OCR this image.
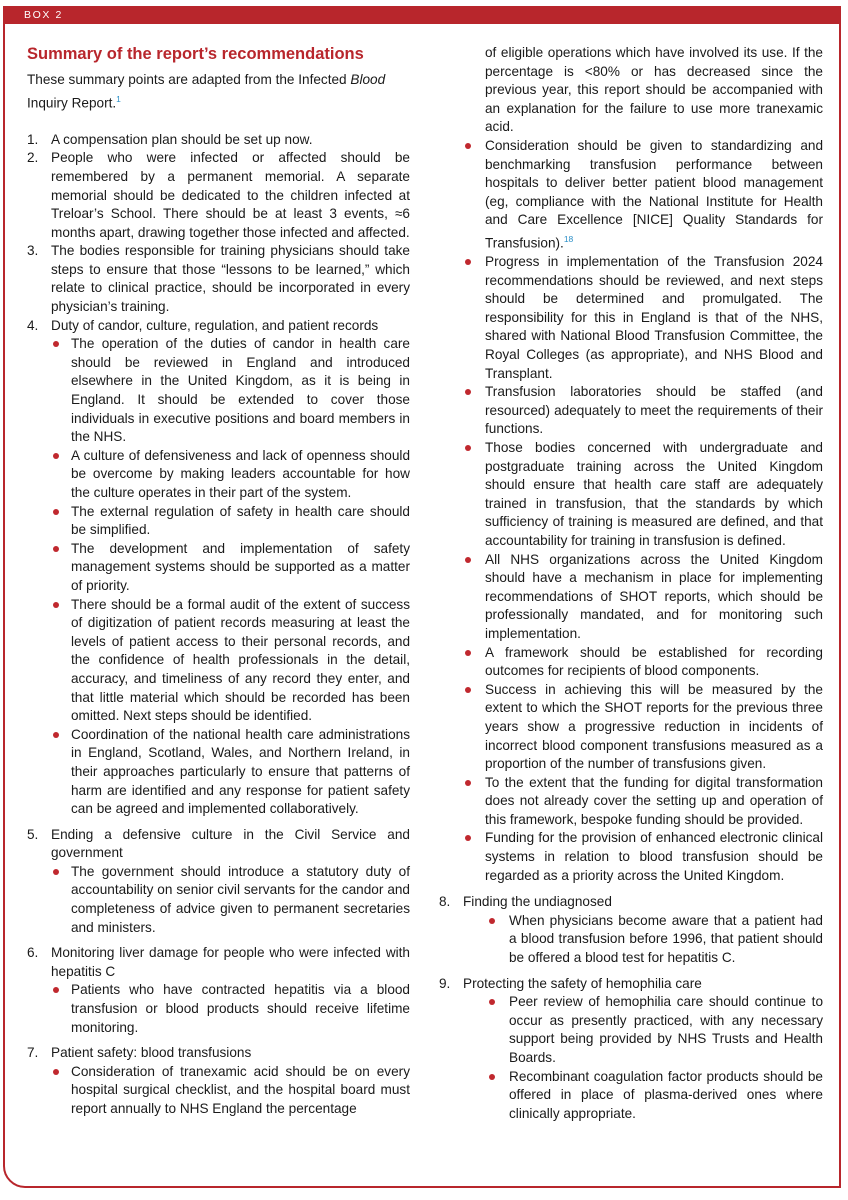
BOX 2
Summary of the report’s recommendations

These summary points are adapted from the Infected Blood Inquiry Report.$^1$

1. A compensation plan should be set up now.
2. People who were infected or affected should be remembered by a permanent memorial. A separate memorial should be dedicated to the children infected at Treloar’s School. There should be at least 3 events, ≈6 months apart, drawing together those infected and affected.
3. The bodies responsible for training physicians should take steps to ensure that those “lessons to be learned,” which relate to clinical practice, should be incorporated in every physician’s training.
4. Duty of candor, culture, regulation, and patient records
The operation of the duties of candor in health care should be reviewed in England and introduced elsewhere in the United Kingdom, as it is being in England. It should be extended to cover those individuals in executive positions and board members in the NHS.
A culture of defensiveness and lack of openness should be overcome by making leaders accountable for how the culture operates in their part of the system.
The external regulation of safety in health care should be simplified.
The development and implementation of safety management systems should be supported as a matter of priority.
There should be a formal audit of the extent of success of digitization of patient records measuring at least the levels of patient access to their personal records, and the confidence of health professionals in the detail, accuracy, and timeliness of any record they enter, and that little material which should be recorded has been omitted. Next steps should be identified.
Coordination of the national health care administrations in England, Scotland, Wales, and Northern Ireland, in their approaches particularly to ensure that patterns of harm are identified and any response for patient safety can be agreed and implemented collaboratively.
5. Ending a defensive culture in the Civil Service and government
The government should introduce a statutory duty of accountability on senior civil servants for the candor and completeness of advice given to permanent secretaries and ministers.
6. Monitoring liver damage for people who were infected with hepatitis C
Patients who have contracted hepatitis via a blood transfusion or blood products should receive lifetime monitoring.
7. Patient safety: blood transfusions
Consideration of tranexamic acid should be on every hospital surgical checklist, and the hospital board must report annually to NHS England the percentage

of eligible operations which have involved its use. If the percentage is <80% or has decreased since the previous year, this report should be accompanied with an explanation for the failure to use more tranexamic acid.

Consideration should be given to standardizing and benchmarking transfusion performance between hospitals to deliver better patient blood management (eg, compliance with the National Institute for Health and Care Excellence [NICE] Quality Standards for Transfusion).$^{18}$
Progress in implementation of the Transfusion 2024 recommendations should be reviewed, and next steps should be determined and promulgated. The responsibility for this in England is that of the NHS, shared with National Blood Transfusion Committee, the Royal Colleges (as appropriate), and NHS Blood and Transplant.
Transfusion laboratories should be staffed (and resourced) adequately to meet the requirements of their functions.
Those bodies concerned with undergraduate and postgraduate training across the United Kingdom should ensure that health care staff are adequately trained in transfusion, that the standards by which sufficiency of training is measured are defined, and that accountability for training in transfusion is defined.
All NHS organizations across the United Kingdom should have a mechanism in place for implementing recommendations of SHOT reports, which should be professionally mandated, and for monitoring such implementation.
A framework should be established for recording outcomes for recipients of blood components.
Success in achieving this will be measured by the extent to which the SHOT reports for the previous three years show a progressive reduction in incidents of incorrect blood component transfusions measured as a proportion of the number of transfusions given.
To the extent that the funding for digital transformation does not already cover the setting up and operation of this framework, bespoke funding should be provided.
Funding for the provision of enhanced electronic clinical systems in relation to blood transfusion should be regarded as a priority across the United Kingdom.
8. Finding the undiagnosed
When physicians become aware that a patient had a blood transfusion before 1996, that patient should be offered a blood test for hepatitis C.
9. Protecting the safety of hemophilia care
Peer review of hemophilia care should continue to occur as presently practiced, with any necessary support being provided by NHS Trusts and Health Boards.
Recombinant coagulation factor products should be offered in place of plasma-derived ones where clinically appropriate.
